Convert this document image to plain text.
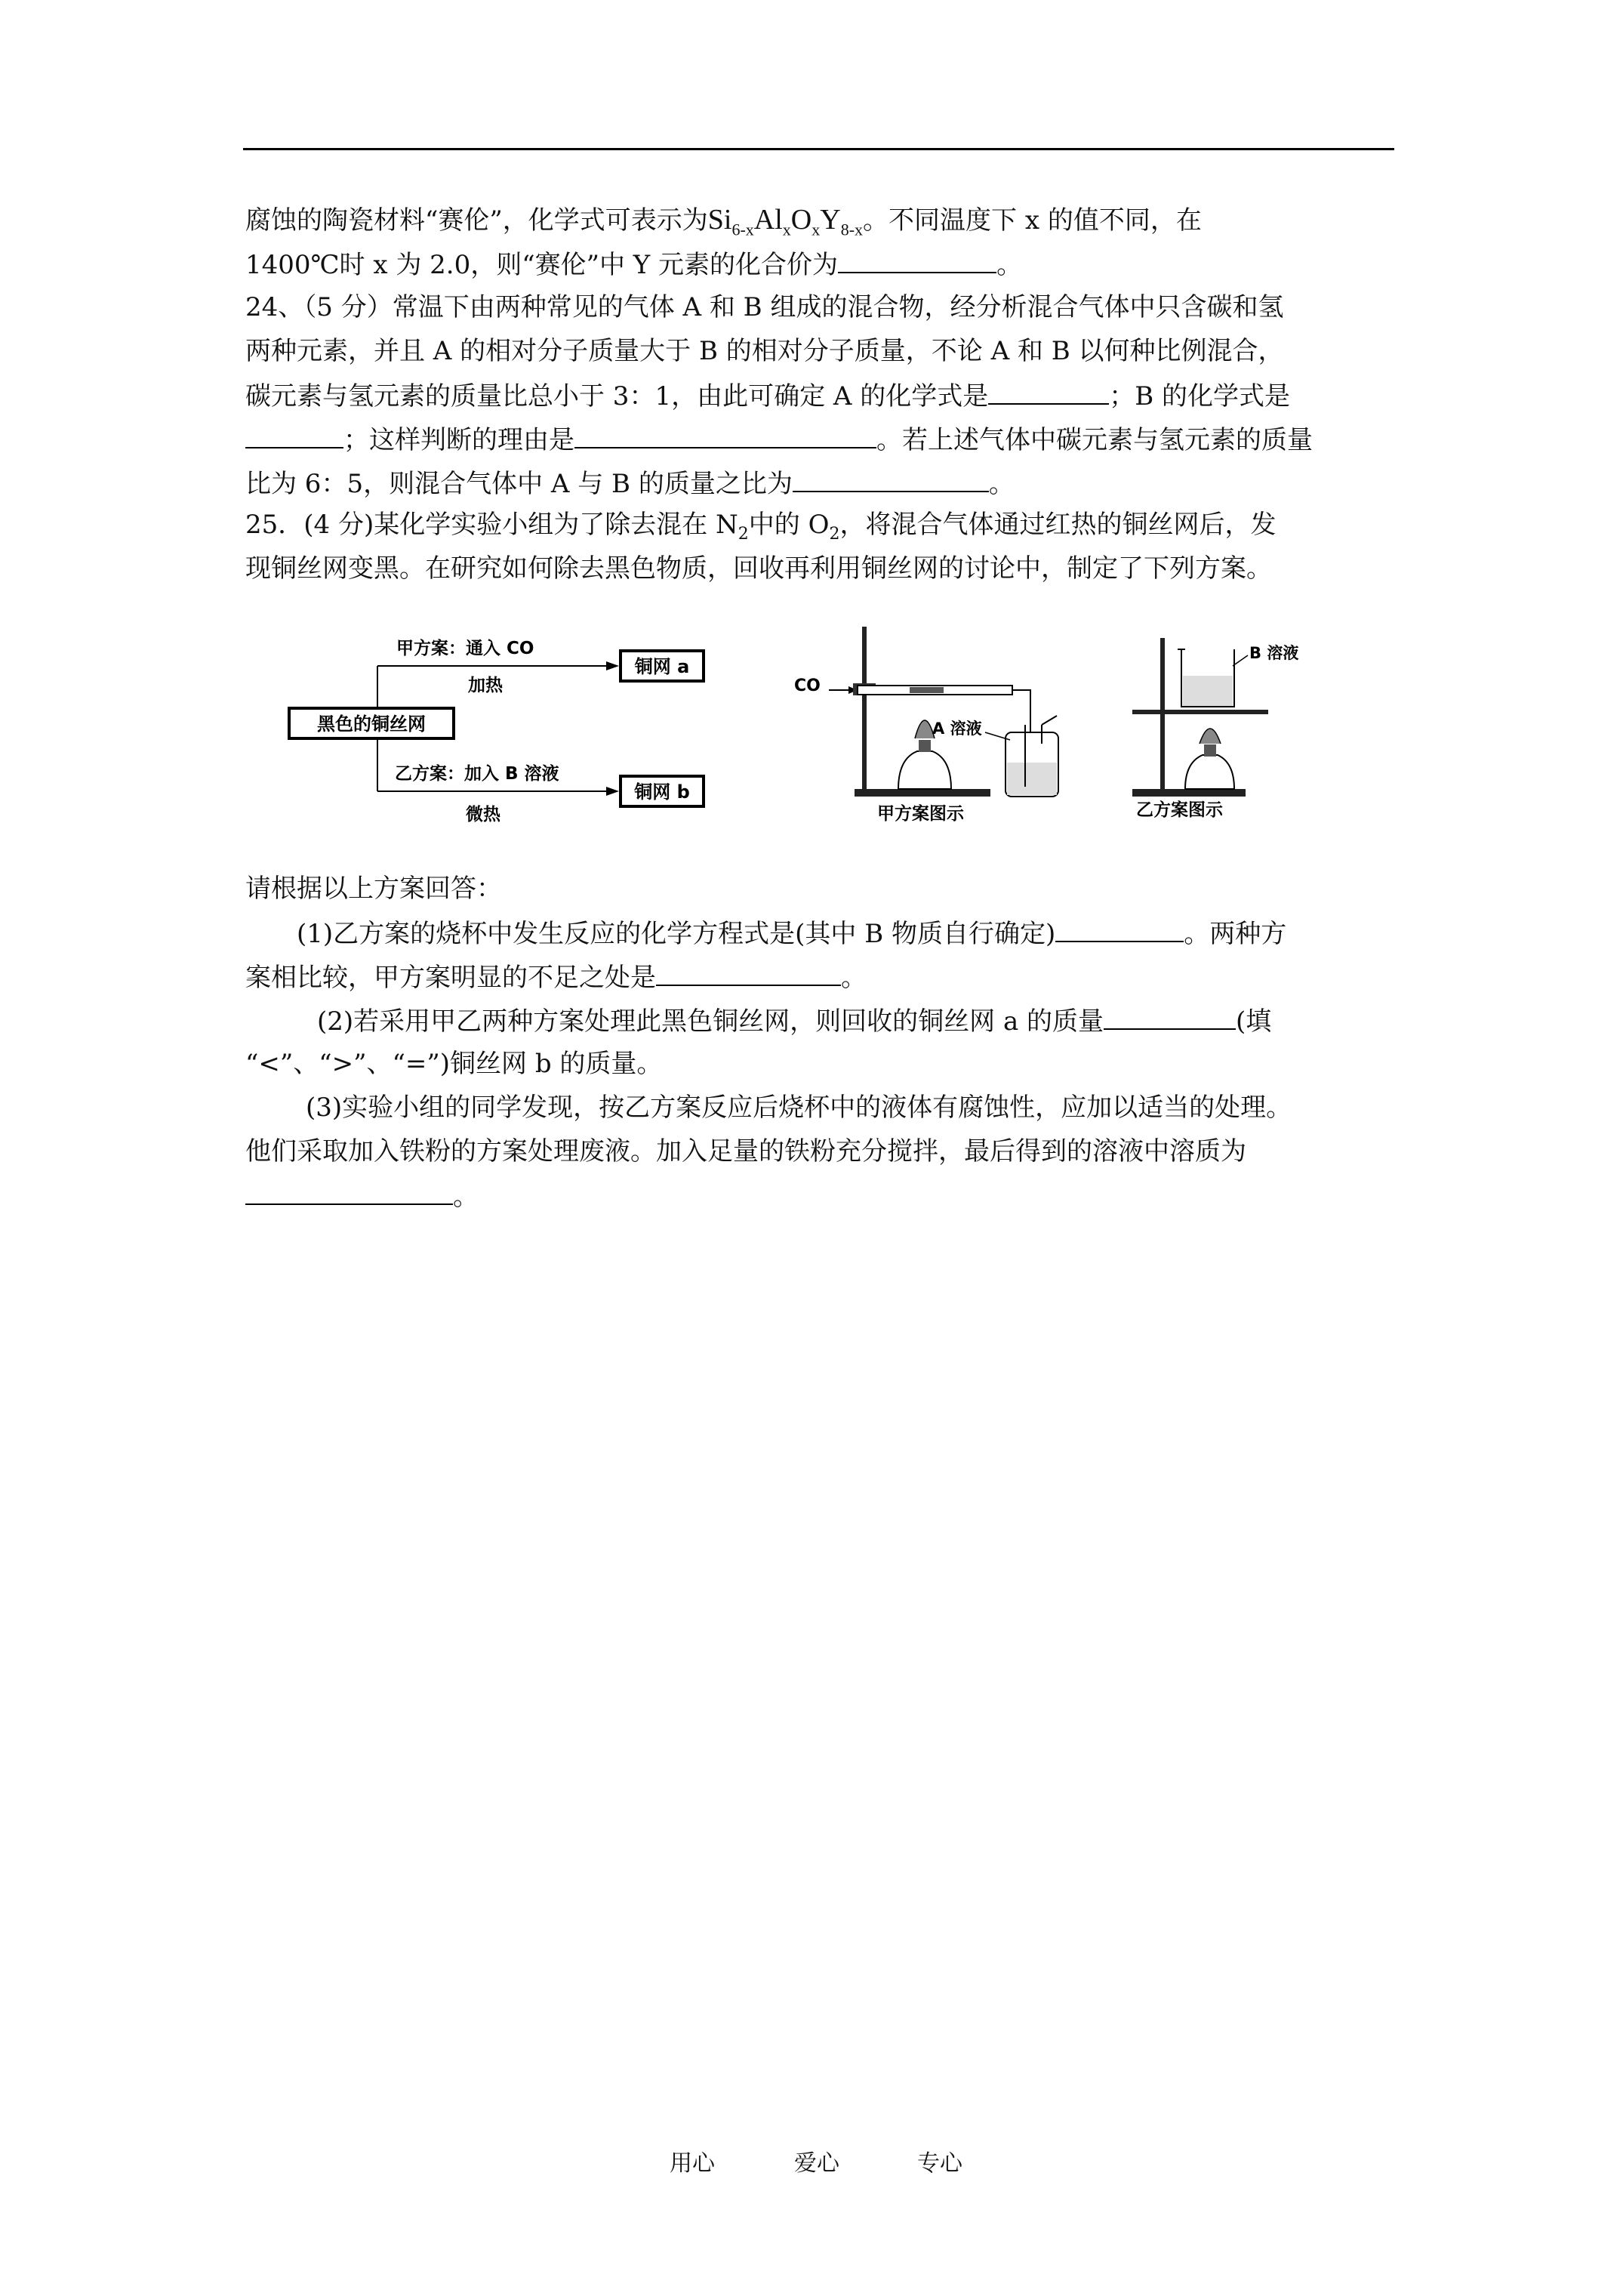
腐蚀的陶瓷材料“赛伦”，化学式可表示为$Si_{6-x}Al_xO_xY_{8-x}$。不同温度下 x 的值不同，在
1400℃时 x 为 2.0，则“赛伦”中 Y 元素的化合价为	。
24、（5 分）常温下由两种常见的气体 A 和 B 组成的混合物，经分析混合气体中只含碳和氢
两种元素，并且 A 的相对分子质量大于 B 的相对分子质量，不论 A 和 B 以何种比例混合，
碳元素与氢元素的质量比总小于 3：1，由此可确定 A 的化学式是	；B 的化学式是
；这样判断的理由是	。若上述气体中碳元素与氢元素的质量
比为 6：5，则混合气体中 A 与 B 的质量之比为	。
25．(4 分)某化学实验小组为了除去混在 $N_2$中的 $O_2$，将混合气体通过红热的铜丝网后，发
现铜丝网变黑。在研究如何除去黑色物质，回收再利用铜丝网的讨论中，制定了下列方案。
黑色的铜丝网
甲方案：通入 CO
加热
乙方案：加入 B 溶液
微热
铜网 a
铜网 b
CO
A 溶液
甲方案图示
B 溶液
乙方案图示
请根据以上方案回答：
(1)乙方案的烧杯中发生反应的化学方程式是(其中 B 物质自行确定)	。两种方
案相比较，甲方案明显的不足之处是	。
(2)若采用甲乙两种方案处理此黑色铜丝网，则回收的铜丝网 a 的质量	(填
“<”、“>”、“=”)铜丝网 b 的质量。
(3)实验小组的同学发现，按乙方案反应后烧杯中的液体有腐蚀性，应加以适当的处理。
他们采取加入铁粉的方案处理废液。加入足量的铁粉充分搅拌，最后得到的溶液中溶质为
。
用心	爱心	专心
